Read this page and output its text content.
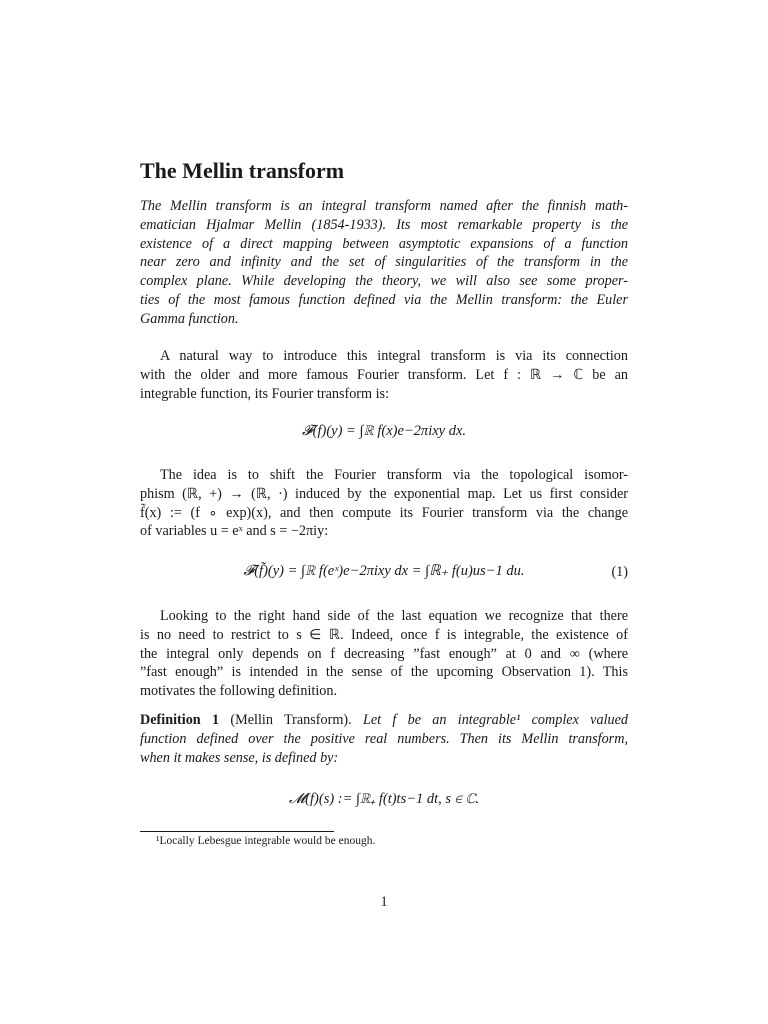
The Mellin transform
The Mellin transform is an integral transform named after the finnish math-
ematician Hjalmar Mellin (1854-1933). Its most remarkable property is the
existence of a direct mapping between asymptotic expansions of a function
near zero and infinity and the set of singularities of the transform in the
complex plane. While developing the theory, we will also see some proper-
ties of the most famous function defined via the Mellin transform: the Euler
Gamma function.
A natural way to introduce this integral transform is via its connection
with the older and more famous Fourier transform. Let f : ℝ → ℂ be an
integrable function, its Fourier transform is:
𝓕(f)(y) = ∫ℝ f(x)e−2πixy dx.
The idea is to shift the Fourier transform via the topological isomor-
phism (ℝ, +) → (ℝ, ·) induced by the exponential map. Let us first consider
f̃(x) := (f ∘ exp)(x), and then compute its Fourier transform via the change
of variables u = eˣ and s = −2πiy:
𝓕(f̃)(y) = ∫ℝ f(eˣ)e−2πixy dx = ∫ℝ₊ f(u)us−1 du.	(1)
Looking to the right hand side of the last equation we recognize that there
is no need to restrict to s ∈ ℝ. Indeed, once f is integrable, the existence of
the integral only depends on f decreasing ”fast enough” at 0 and ∞ (where
”fast enough” is intended in the sense of the upcoming Observation 1). This
motivates the following definition.
Definition 1 (Mellin Transform). Let f be an integrable¹ complex valued
function defined over the positive real numbers. Then its Mellin transform,
when it makes sense, is defined by:
𝓜(f)(s) := ∫ℝ₊ f(t)ts−1 dt, s ∈ ℂ.
¹Locally Lebesgue integrable would be enough.
1
